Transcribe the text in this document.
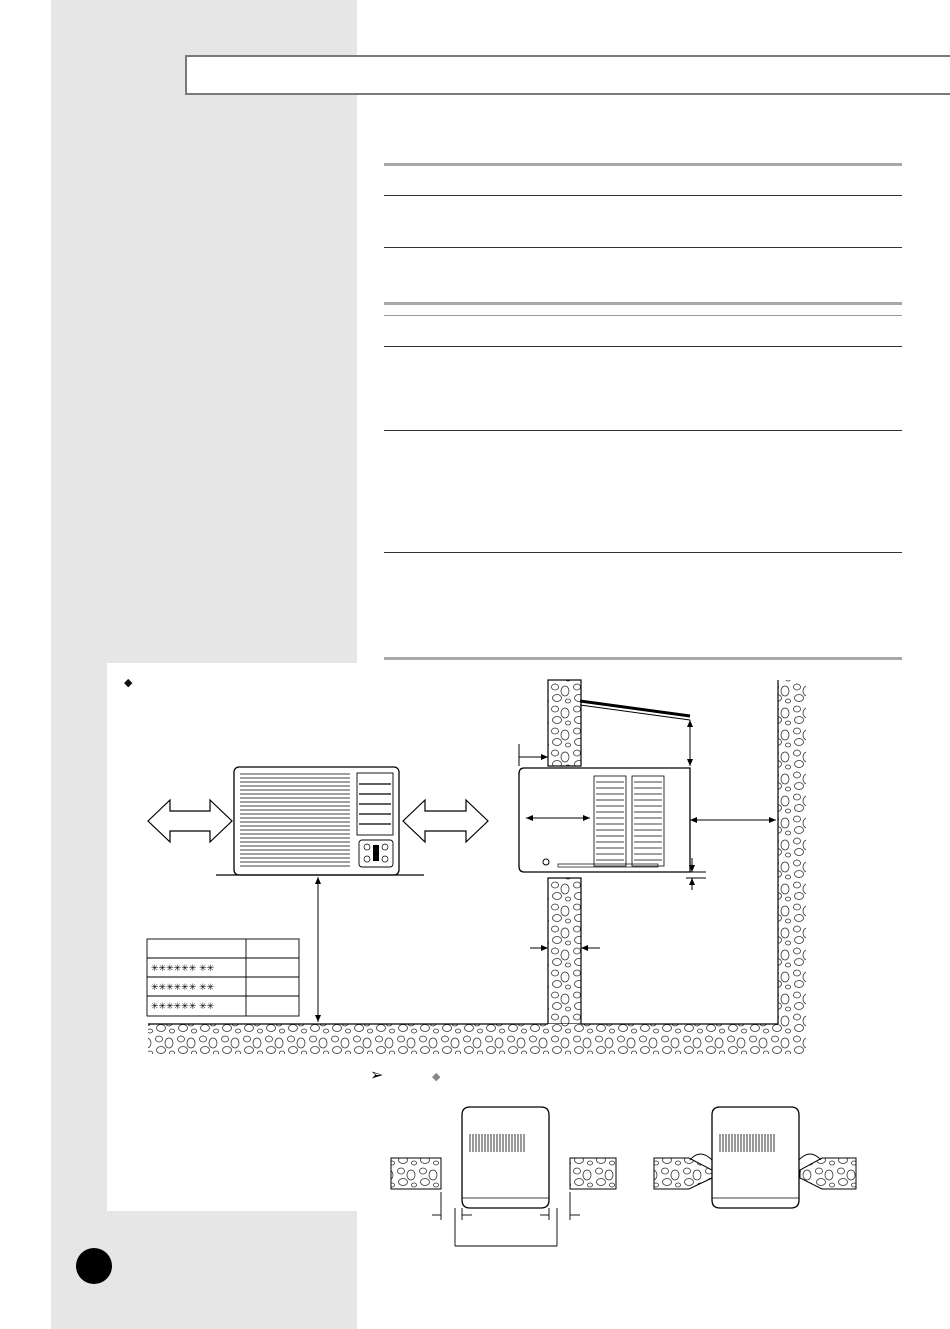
◆
✳✳✳✳✳✳ ✳✳
✳✳✳✳✳✳ ✳✳
✳✳✳✳✳✳ ✳✳
➢	◆
